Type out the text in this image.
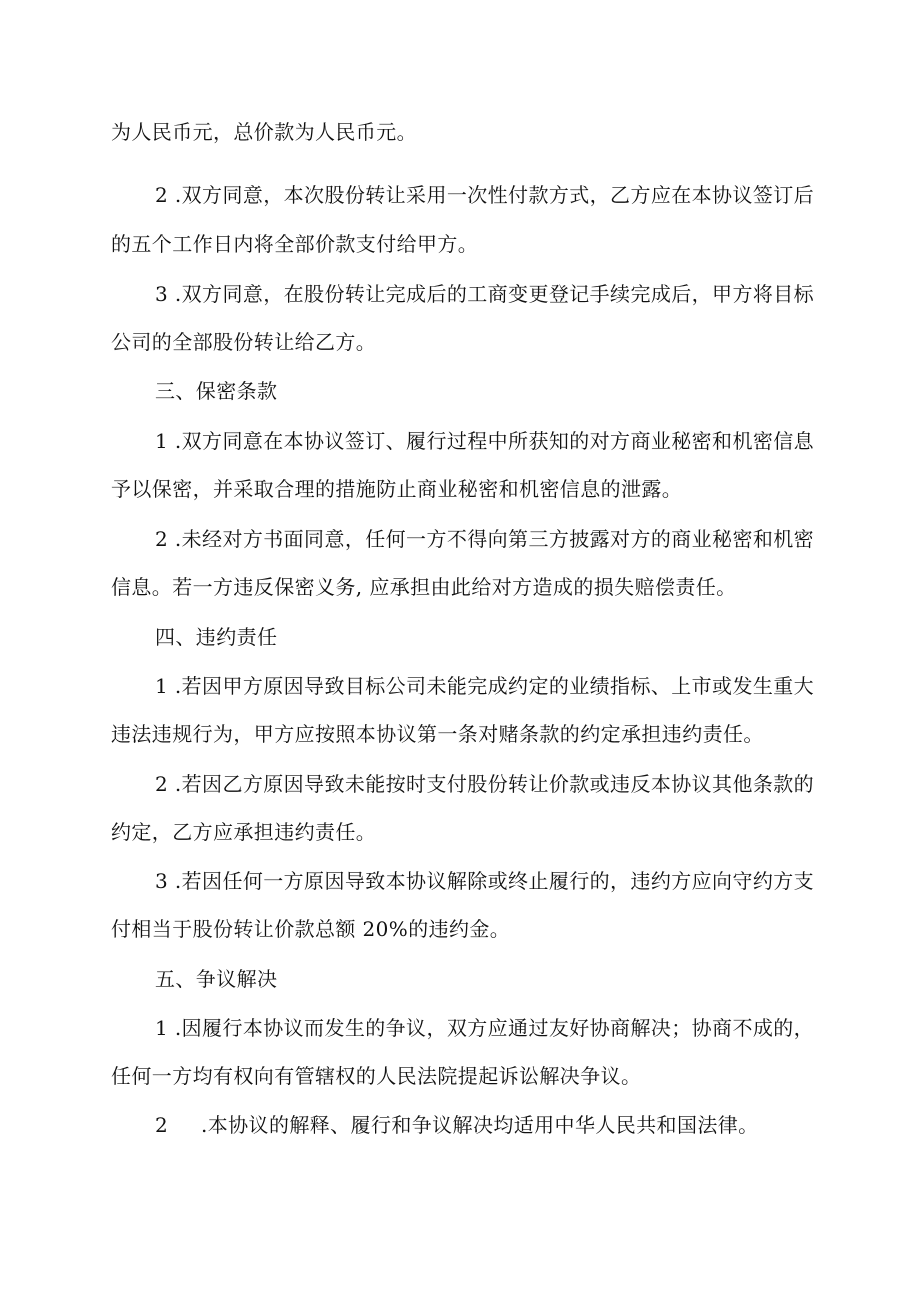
为人民币元，总价款为人民币元。
2 .双方同意，本次股份转让采用一次性付款方式，乙方应在本协议签订后
的五个工作日内将全部价款支付给甲方。
3 .双方同意，在股份转让完成后的工商变更登记手续完成后，甲方将目标
公司的全部股份转让给乙方。
三、保密条款
1 .双方同意在本协议签订、履行过程中所获知的对方商业秘密和机密信息
予以保密，并采取合理的措施防止商业秘密和机密信息的泄露。
2 .未经对方书面同意，任何一方不得向第三方披露对方的商业秘密和机密
信息。若一方违反保密义务, 应承担由此给对方造成的损失赔偿责任。
四、违约责任
1 .若因甲方原因导致目标公司未能完成约定的业绩指标、上市或发生重大
违法违规行为，甲方应按照本协议第一条对赌条款的约定承担违约责任。
2 .若因乙方原因导致未能按时支付股份转让价款或违反本协议其他条款的
约定，乙方应承担违约责任。
3 .若因任何一方原因导致本协议解除或终止履行的，违约方应向守约方支
付相当于股份转让价款总额 20%的违约金。
五、争议解决
1 .因履行本协议而发生的争议，双方应通过友好协商解决；协商不成的，
任何一方均有权向有管辖权的人民法院提起诉讼解决争议。
2	.本协议的解释、履行和争议解决均适用中华人民共和国法律。
